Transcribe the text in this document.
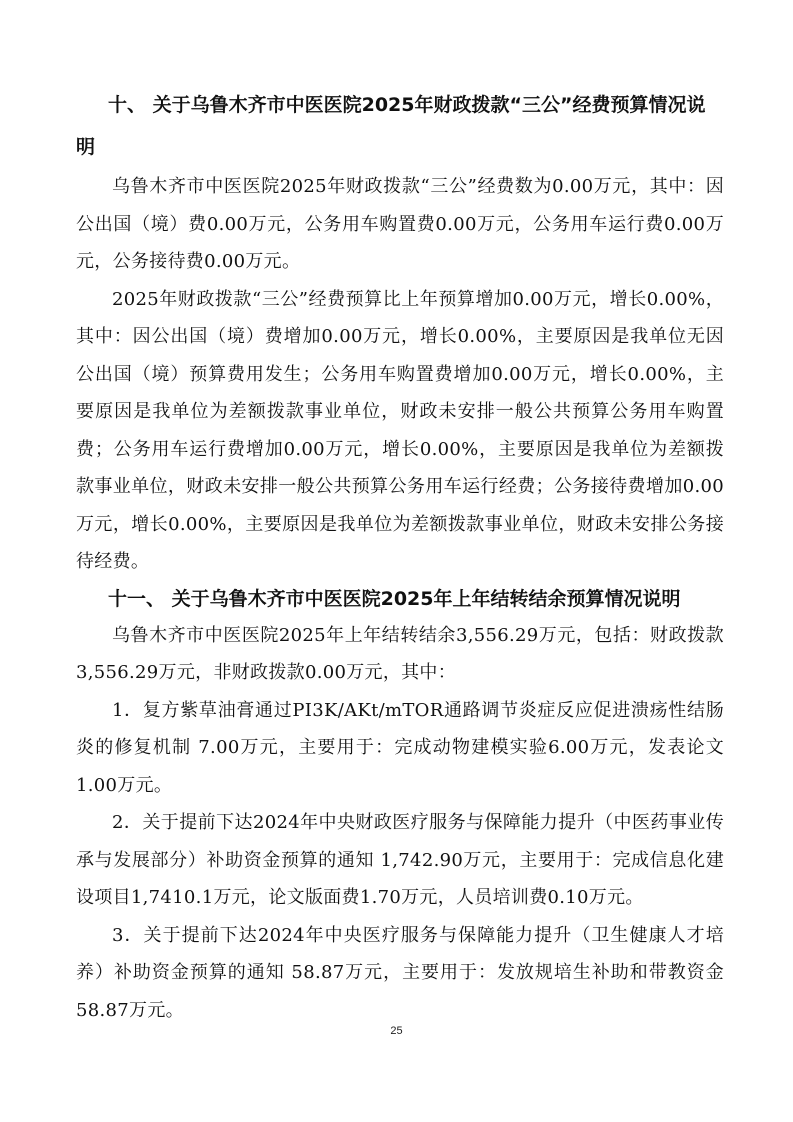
十、 关于乌鲁木齐市中医医院2025年财政拨款“三公”经费预算情况说明

乌鲁木齐市中医医院2025年财政拨款“三公”经费数为0.00万元，其中：因公出国（境）费0.00万元，公务用车购置费0.00万元，公务用车运行费0.00万元，公务接待费0.00万元。

2025年财政拨款“三公”经费预算比上年预算增加0.00万元，增长0.00%，其中：因公出国（境）费增加0.00万元，增长0.00%，主要原因是我单位无因公出国（境）预算费用发生；公务用车购置费增加0.00万元，增长0.00%，主要原因是我单位为差额拨款事业单位，财政未安排一般公共预算公务用车购置费；公务用车运行费增加0.00万元，增长0.00%，主要原因是我单位为差额拨款事业单位，财政未安排一般公共预算公务用车运行经费；公务接待费增加0.00万元，增长0.00%，主要原因是我单位为差额拨款事业单位，财政未安排公务接待经费。

十一、 关于乌鲁木齐市中医医院2025年上年结转结余预算情况说明

乌鲁木齐市中医医院2025年上年结转结余3,556.29万元，包括：财政拨款3,556.29万元，非财政拨款0.00万元，其中：

1．复方紫草油膏通过PI3K/AKt/mTOR通路调节炎症反应促进溃疡性结肠炎的修复机制 7.00万元，主要用于：完成动物建模实验6.00万元，发表论文1.00万元。

2．关于提前下达2024年中央财政医疗服务与保障能力提升（中医药事业传承与发展部分）补助资金预算的通知 1,742.90万元，主要用于：完成信息化建设项目1,7410.1万元，论文版面费1.70万元，人员培训费0.10万元。

3．关于提前下达2024年中央医疗服务与保障能力提升（卫生健康人才培养）补助资金预算的通知 58.87万元，主要用于：发放规培生补助和带教资金58.87万元。

25
